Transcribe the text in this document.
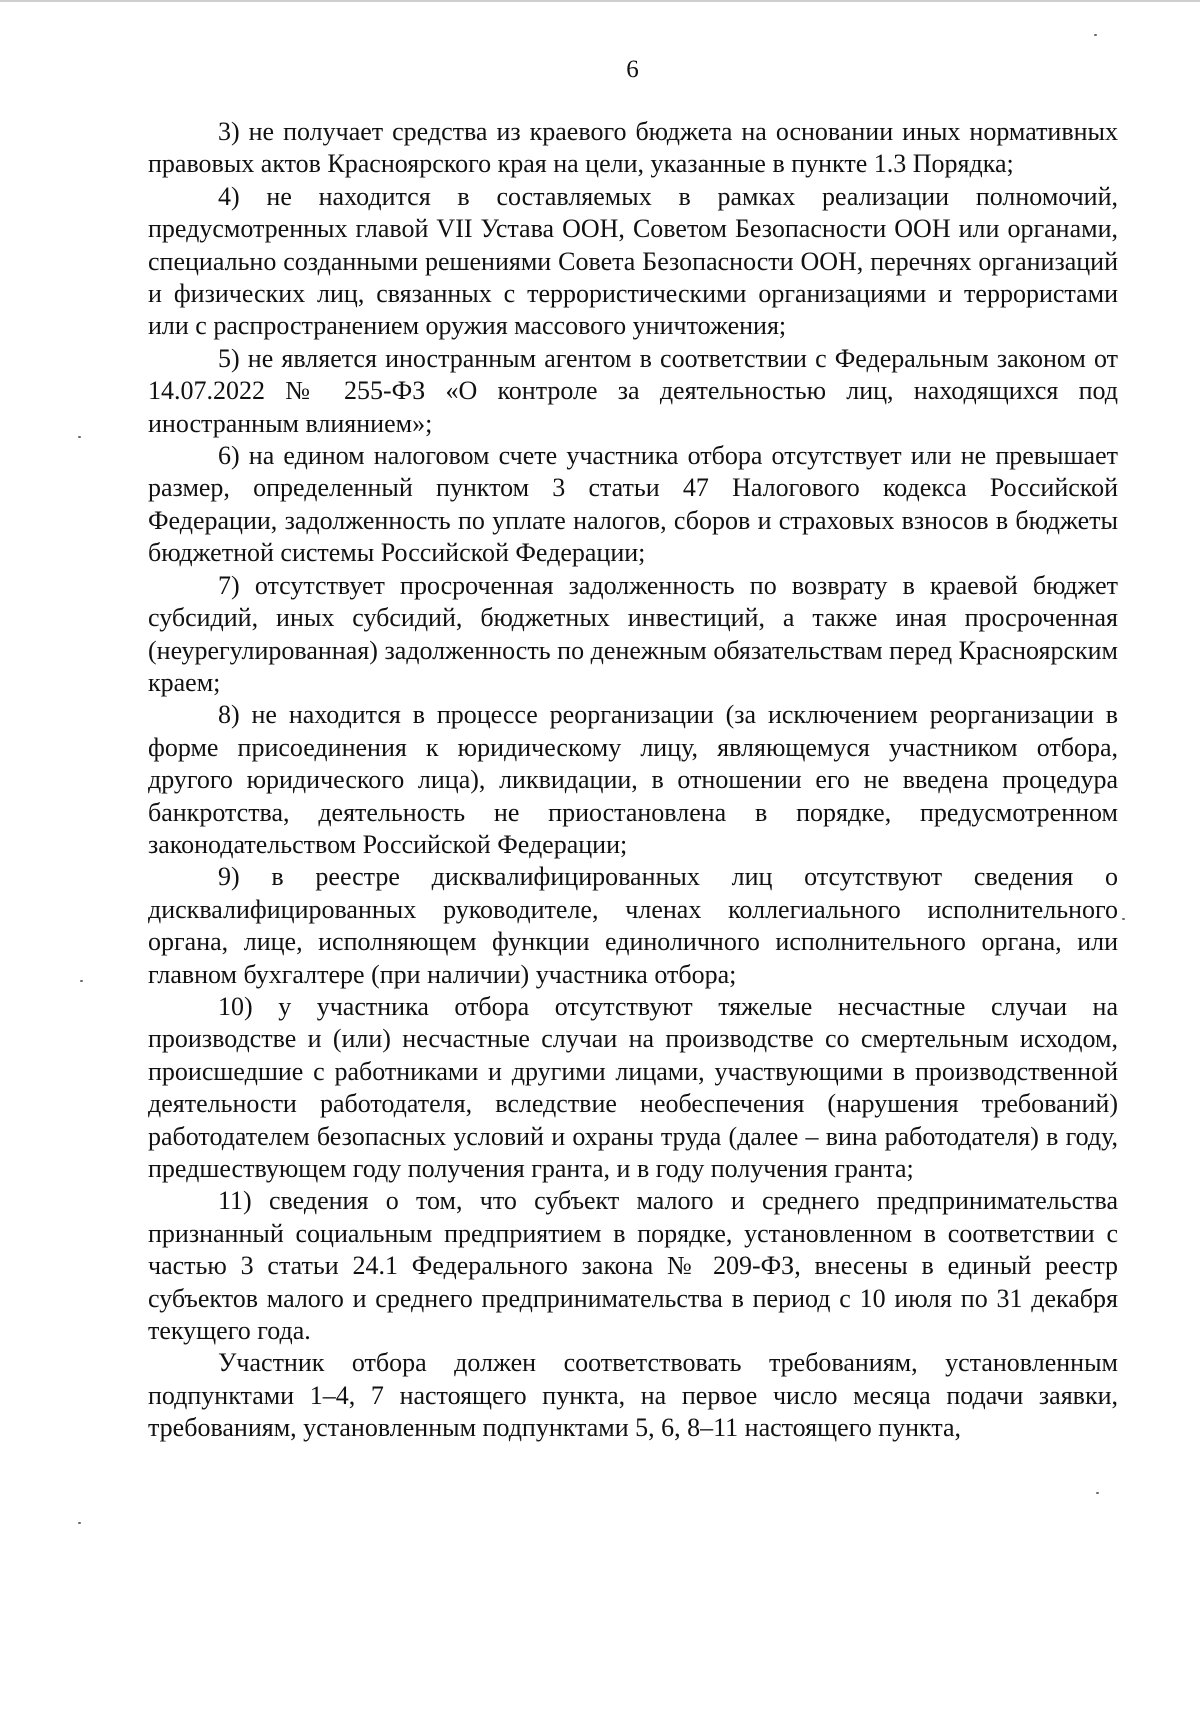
6

3) не получает средства из краевого бюджета на основании иных нормативных правовых актов Красноярского края на цели, указанные в пункте 1.3 Порядка;

4) не находится в составляемых в рамках реализации полномочий, предусмотренных главой VII Устава ООН, Советом Безопасности ООН или органами, специально созданными решениями Совета Безопасности ООН, перечнях организаций и физических лиц, связанных с террористическими организациями и террористами или с распространением оружия массового уничтожения;

5) не является иностранным агентом в соответствии с Федеральным законом от 14.07.2022 № 255-ФЗ «О контроле за деятельностью лиц, находящихся под иностранным влиянием»;

6) на едином налоговом счете участника отбора отсутствует или не превышает размер, определенный пунктом 3 статьи 47 Налогового кодекса Российской Федерации, задолженность по уплате налогов, сборов и страховых взносов в бюджеты бюджетной системы Российской Федерации;

7) отсутствует просроченная задолженность по возврату в краевой бюджет субсидий, иных субсидий, бюджетных инвестиций, а также иная просроченная (неурегулированная) задолженность по денежным обязательствам перед Красноярским краем;

8) не находится в процессе реорганизации (за исключением реорганизации в форме присоединения к юридическому лицу, являющемуся участником отбора, другого юридического лица), ликвидации, в отношении его не введена процедура банкротства, деятельность не приостановлена в порядке, предусмотренном законодательством Российской Федерации;

9) в реестре дисквалифицированных лиц отсутствуют сведения о дисквалифицированных руководителе, членах коллегиального исполнительного органа, лице, исполняющем функции единоличного исполнительного органа, или главном бухгалтере (при наличии) участника отбора;

10) у участника отбора отсутствуют тяжелые несчастные случаи на производстве и (или) несчастные случаи на производстве со смертельным исходом, происшедшие с работниками и другими лицами, участвующими в производственной деятельности работодателя, вследствие необеспечения (нарушения требований) работодателем безопасных условий и охраны труда (далее – вина работодателя) в году, предшествующем году получения гранта, и в году получения гранта;

11) сведения о том, что субъект малого и среднего предпринимательства признанный социальным предприятием в порядке, установленном в соответствии с частью 3 статьи 24.1 Федерального закона № 209-ФЗ, внесены в единый реестр субъектов малого и среднего предпринимательства в период с 10 июля по 31 декабря текущего года.

Участник отбора должен соответствовать требованиям, установленным подпунктами 1–4, 7 настоящего пункта, на первое число месяца подачи заявки, требованиям, установленным подпунктами 5, 6, 8–11 настоящего пункта,
